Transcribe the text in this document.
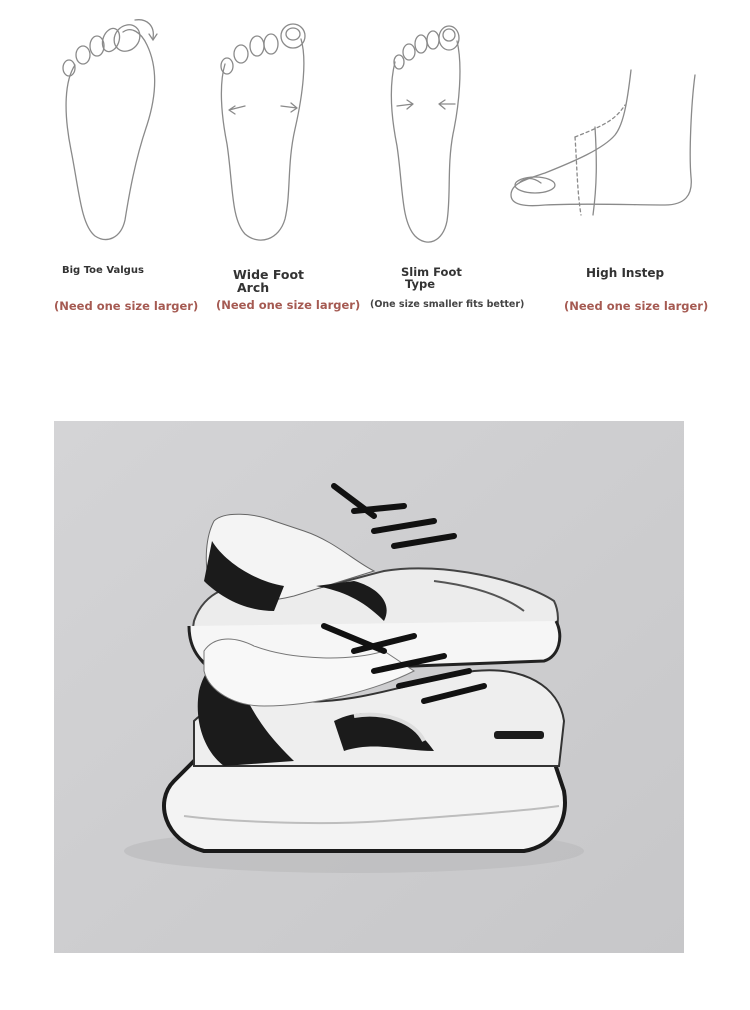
Big Toe Valgus
(Need one size larger)
Wide Foot
Arch
(Need one size larger)
Slim Foot
Type
(One size smaller fits better)
High Instep
(Need one size larger)
